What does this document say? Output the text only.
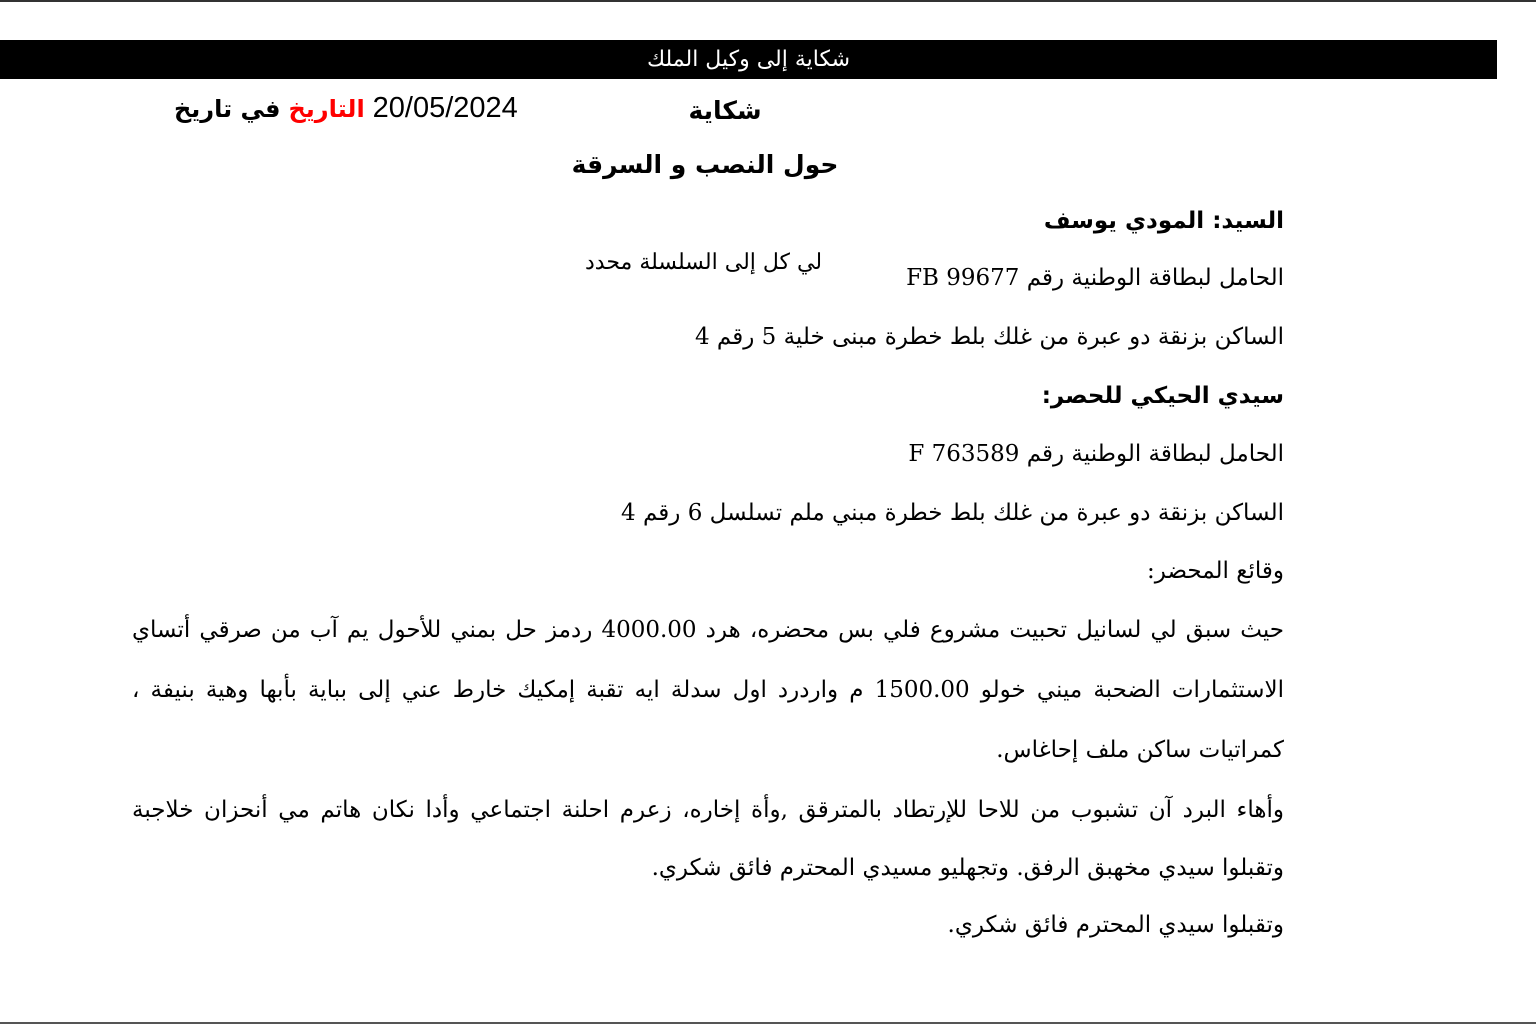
شكاية إلى وكيل الملك
في تاريخ التاريخ 20/05/2024	شكاية
حول النصب و السرقة
السيد: المودي يوسف
لي كل إلى السلسلة محدد
الحامل لبطاقة الوطنية رقم FB 99677
الساكن بزنقة دو عبرة من غلك بلط خطرة مبنى خلية 5 رقم 4
سيدي الحيكي للحصر:
الحامل لبطاقة الوطنية رقم F 763589
الساكن بزنقة دو عبرة من غلك بلط خطرة مبني ملم تسلسل 6 رقم 4
وقائع المحضر:
حيث سبق لي لسانيل تحبيت مشروع فلي بس محضره، هرد 4000.00 ردمز حل بمني للأحول يم آب من صرقي أتساي
الاستثمارات الضحبة ميني خولو 1500.00 م واردرد اول سدلة ايه تقبة إمكيك خارط عني إلى بباية بأبها وهية بنيفة ،
كمراتيات ساكن ملف إحاغاس.
وأهاء البرد آن تشبوب من للاحا للإرتطاد بالمترقق ,وأة إخاره، زعرم احلنة اجتماعي وأدا نكان هاتم مي أنحزان خلاجبة
وتقبلوا سيدي مخهبق الرفق. وتجهليو مسيدي المحترم فائق شكري.
وتقبلوا سيدي المحترم فائق شكري.
